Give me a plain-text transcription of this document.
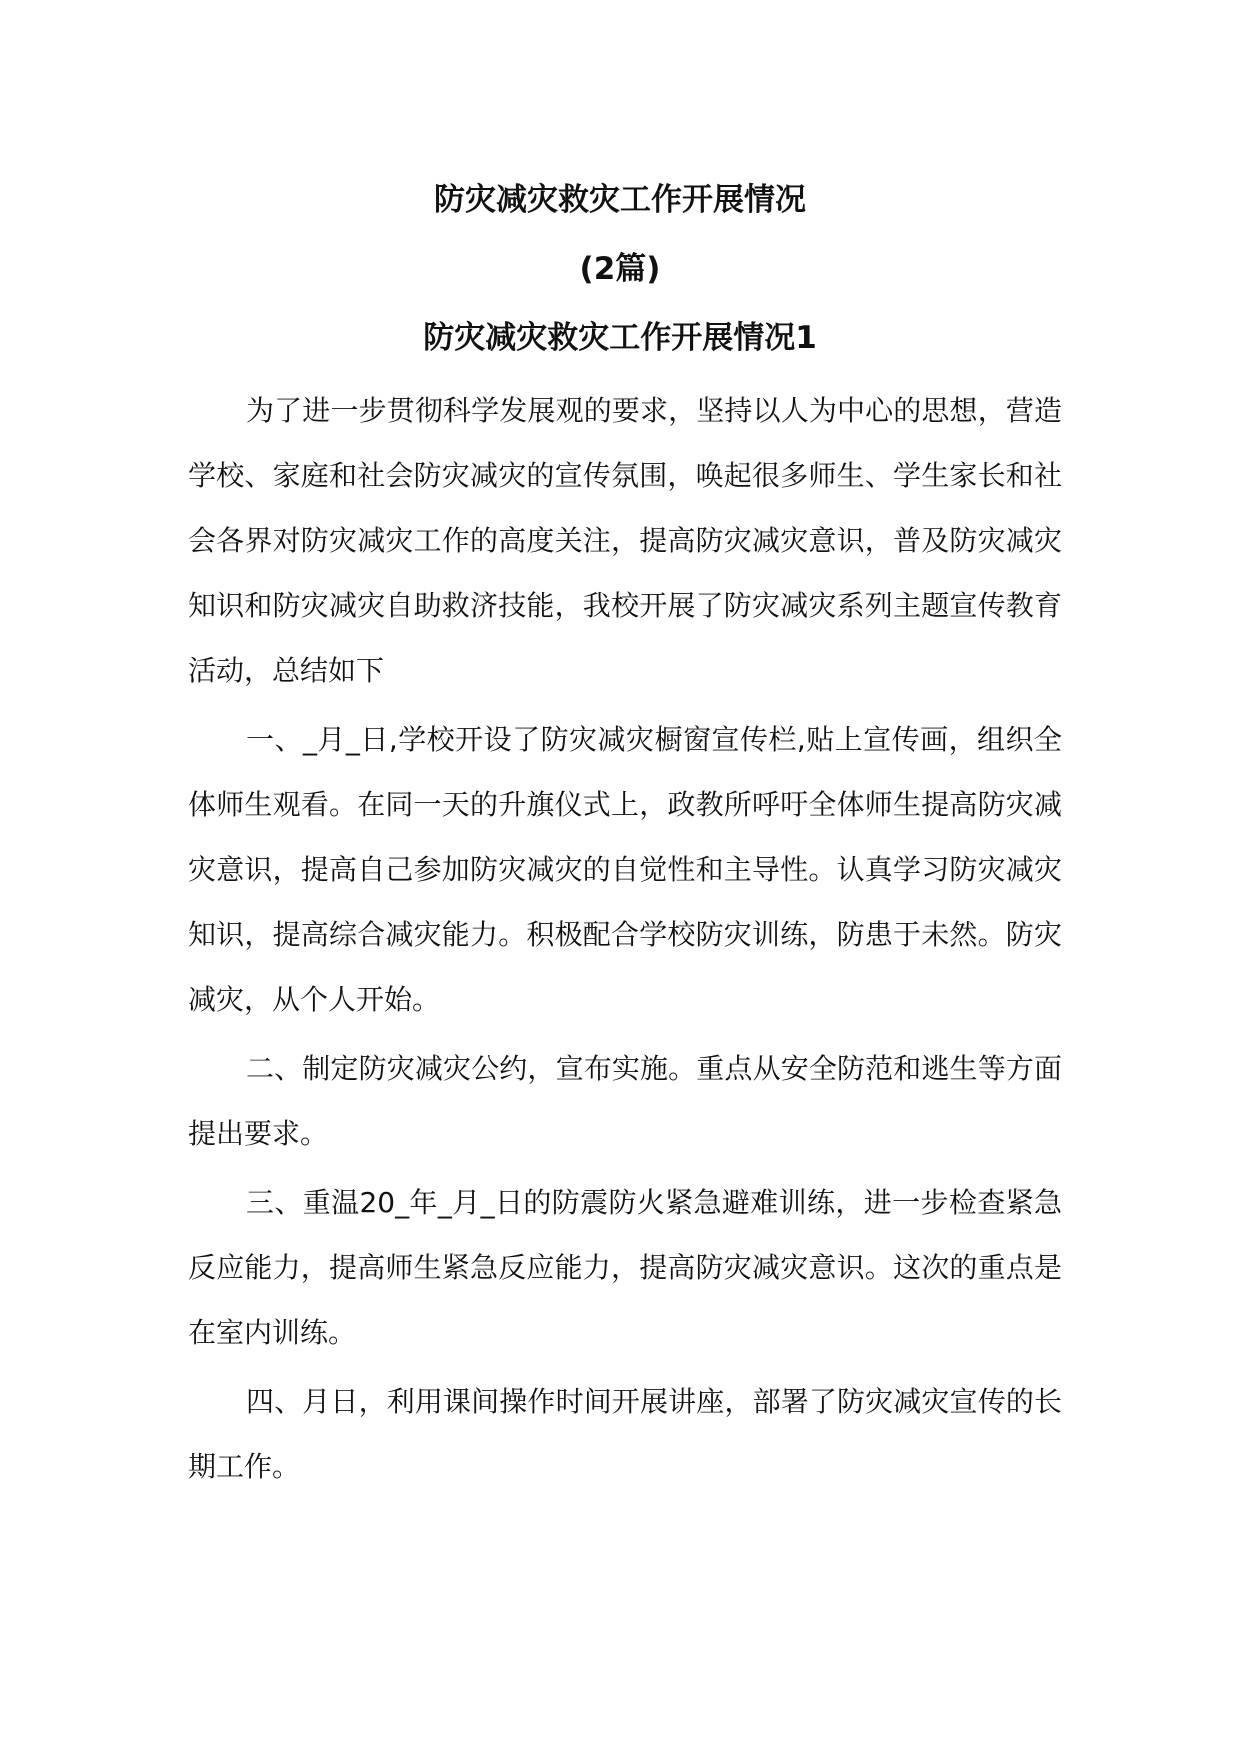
防灾减灾救灾工作开展情况
(2篇)
防灾减灾救灾工作开展情况1

为了进一步贯彻科学发展观的要求，坚持以人为中心的思想，营造学校、家庭和社会防灾减灾的宣传氛围，唤起很多师生、学生家长和社会各界对防灾减灾工作的高度关注，提高防灾减灾意识，普及防灾减灾知识和防灾减灾自助救济技能，我校开展了防灾减灾系列主题宣传教育活动，总结如下

一、_月_日,学校开设了防灾减灾橱窗宣传栏,贴上宣传画，组织全体师生观看。在同一天的升旗仪式上，政教所呼吁全体师生提高防灾减灾意识，提高自己参加防灾减灾的自觉性和主导性。认真学习防灾减灾知识，提高综合减灾能力。积极配合学校防灾训练，防患于未然。防灾减灾，从个人开始。

二、制定防灾减灾公约，宣布实施。重点从安全防范和逃生等方面提出要求。

三、重温20_年_月_日的防震防火紧急避难训练，进一步检查紧急反应能力，提高师生紧急反应能力，提高防灾减灾意识。这次的重点是在室内训练。

四、月日，利用课间操作时间开展讲座，部署了防灾减灾宣传的长期工作。
